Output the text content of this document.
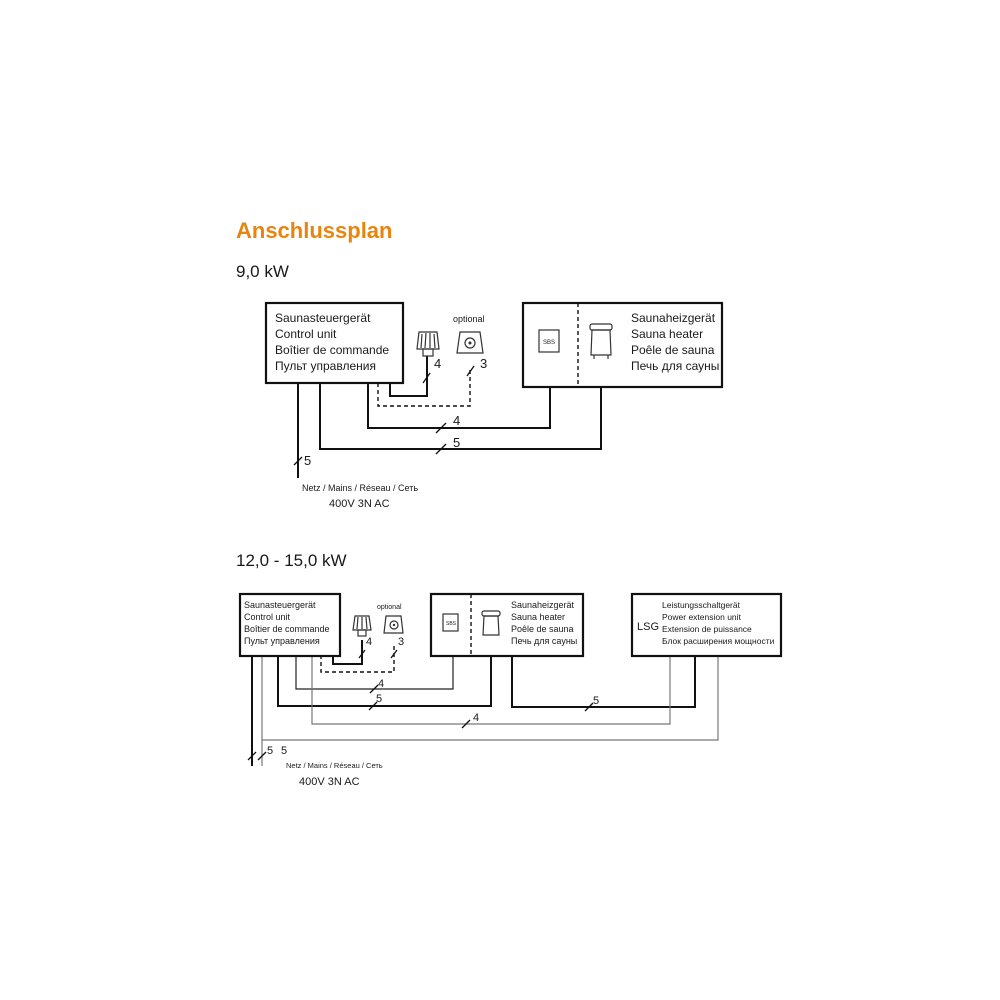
Anschlussplan
9,0 kW
12,0 - 15,0 kW
Saunasteuergerät
Control unit
Boîtier de commande
Пульт управления	4
optional
3
SBS
Saunaheizgerät
Sauna heater
Poêle de sauna
Печь для сауны
4
5
5
Netz / Mains / Réseau / Сеть
400V 3N AC
Saunasteuergerät
Control unit
Boîtier de commande
Пульт управления	4
optional
3
SBS
Saunaheizgerät
Sauna heater
Poêle de sauna
Печь для сауны
LSG
Leistungsschaltgerät
Power extension unit
Extension de puissance
Блок расширения мощности
4
5	5
4
5 5
Netz / Mains / Réseau / Сеть
400V 3N AC
